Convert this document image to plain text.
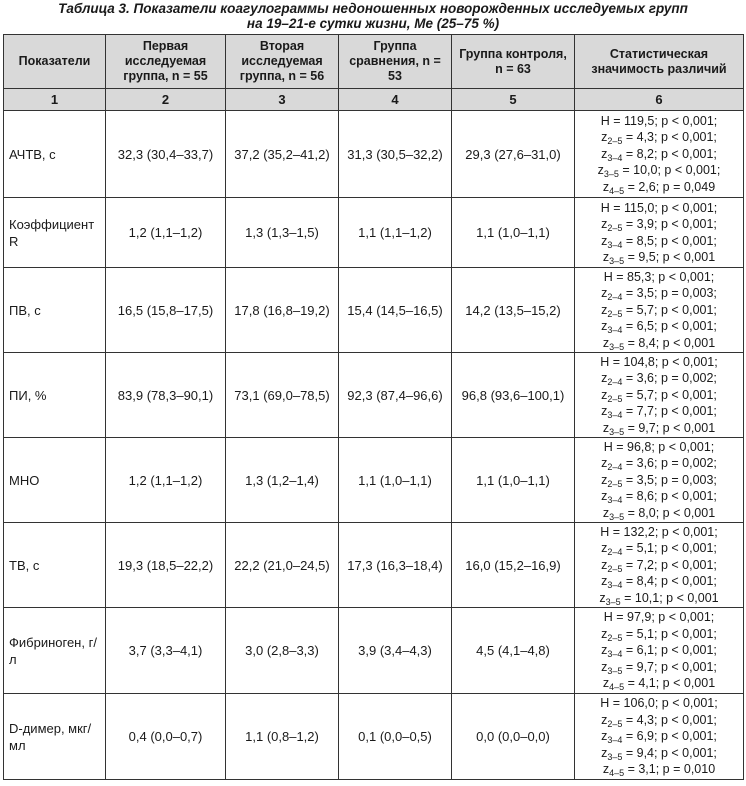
Таблица 3. Показатели коагулограммы недоношенных новорожденных исследуемых групп
на 19–21-е сутки жизни, Me (25–75 %)
Показатели	Первая исследуемая группа, n = 55	Вторая исследуемая группа, n = 56	Группа сравнения, n = 53	Группа контроля, n = 63	Статистическая значимость различий
1	2	3	4	5	6
АЧТВ, с	32,3 (30,4–33,7)	37,2 (35,2–41,2)	31,3 (30,5–32,2)	29,3 (27,6–31,0)	H = 119,5; p < 0,001;
$z_{2-5} = 4,3$; p < 0,001;
$z_{3-4} = 8,2$; p < 0,001;
$z_{3-5} = 10,0$; p < 0,001;
$z_{4-5} = 2,6$; p = 0,049

Коэффициент R	1,2 (1,1–1,2)	1,3 (1,3–1,5)	1,1 (1,1–1,2)	1,1 (1,0–1,1)	H = 115,0; p < 0,001;
$z_{2-5} = 3,9$; p < 0,001;
$z_{3-4} = 8,5$; p < 0,001;
$z_{3-5} = 9,5$; p < 0,001

ПВ, с	16,5 (15,8–17,5)	17,8 (16,8–19,2)	15,4 (14,5–16,5)	14,2 (13,5–15,2)	H = 85,3; p < 0,001;
$z_{2-4} = 3,5$; p = 0,003;
$z_{2-5} = 5,7$; p < 0,001;
$z_{3-4} = 6,5$; p < 0,001;
$z_{3-5} = 8,4$; p < 0,001

ПИ, %	83,9 (78,3–90,1)	73,1 (69,0–78,5)	92,3 (87,4–96,6)	96,8 (93,6–100,1)	H = 104,8; p < 0,001;
$z_{2-4} = 3,6$; p = 0,002;
$z_{2-5} = 5,7$; p < 0,001;
$z_{3-4} = 7,7$; p < 0,001;
$z_{3-5} = 9,7$; p < 0,001

МНО	1,2 (1,1–1,2)	1,3 (1,2–1,4)	1,1 (1,0–1,1)	1,1 (1,0–1,1)	H = 96,8; p < 0,001;
$z_{2-4} = 3,6$; p = 0,002;
$z_{2-5} = 3,5$; p = 0,003;
$z_{3-4} = 8,6$; p < 0,001;
$z_{3-5} = 8,0$; p < 0,001

ТВ, с	19,3 (18,5–22,2)	22,2 (21,0–24,5)	17,3 (16,3–18,4)	16,0 (15,2–16,9)	H = 132,2; p < 0,001;
$z_{2-4} = 5,1$; p < 0,001;
$z_{2-5} = 7,2$; p < 0,001;
$z_{3-4} = 8,4$; p < 0,001;
$z_{3-5} = 10,1$; p < 0,001

Фибриноген, г/л	3,7 (3,3–4,1)	3,0 (2,8–3,3)	3,9 (3,4–4,3)	4,5 (4,1–4,8)	H = 97,9; p < 0,001;
$z_{2-5} = 5,1$; p < 0,001;
$z_{3-4} = 6,1$; p < 0,001;
$z_{3-5} = 9,7$; p < 0,001;
$z_{4-5} = 4,1$; p < 0,001

D-димер, мкг/мл	0,4 (0,0–0,7)	1,1 (0,8–1,2)	0,1 (0,0–0,5)	0,0 (0,0–0,0)	H = 106,0; p < 0,001;
$z_{2-5} = 4,3$; p < 0,001;
$z_{3-4} = 6,9$; p < 0,001;
$z_{3-5} = 9,4$; p < 0,001;
$z_{4-5} = 3,1$; p = 0,010
